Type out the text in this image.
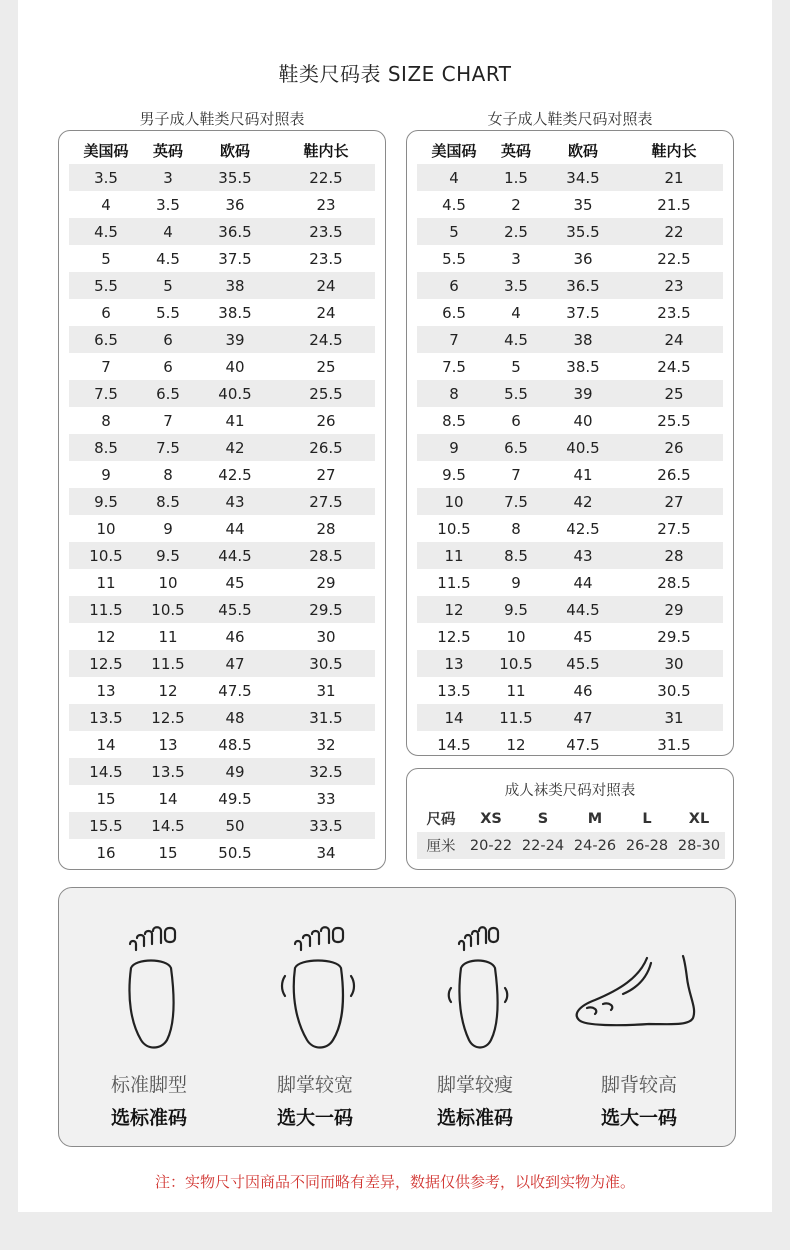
鞋类尺码表 SIZE CHART
男子成人鞋类尺码对照表
美国码	英码	欧码	鞋内长
3.5	3	35.5	22.5
4	3.5	36	23
4.5	4	36.5	23.5
5	4.5	37.5	23.5
5.5	5	38	24
6	5.5	38.5	24
6.5	6	39	24.5
7	6	40	25
7.5	6.5	40.5	25.5
8	7	41	26
8.5	7.5	42	26.5
9	8	42.5	27
9.5	8.5	43	27.5
10	9	44	28
10.5	9.5	44.5	28.5
11	10	45	29
11.5	10.5	45.5	29.5
12	11	46	30
12.5	11.5	47	30.5
13	12	47.5	31
13.5	12.5	48	31.5
14	13	48.5	32
14.5	13.5	49	32.5
15	14	49.5	33
15.5	14.5	50	33.5
16	15	50.5	34
女子成人鞋类尺码对照表
美国码	英码	欧码	鞋内长
4	1.5	34.5	21
4.5	2	35	21.5
5	2.5	35.5	22
5.5	3	36	22.5
6	3.5	36.5	23
6.5	4	37.5	23.5
7	4.5	38	24
7.5	5	38.5	24.5
8	5.5	39	25
8.5	6	40	25.5
9	6.5	40.5	26
9.5	7	41	26.5
10	7.5	42	27
10.5	8	42.5	27.5
11	8.5	43	28
11.5	9	44	28.5
12	9.5	44.5	29
12.5	10	45	29.5
13	10.5	45.5	30
13.5	11	46	30.5
14	11.5	47	31
14.5	12	47.5	31.5
成人袜类尺码对照表
尺码	XS	S	M	L	XL
厘米 20-22 22-24 24-26 26-28 28-30
标准脚型
选标准码
脚掌较宽
选大一码
脚掌较瘦
选标准码
脚背较高
选大一码
注：实物尺寸因商品不同而略有差异，数据仅供参考，以收到实物为准。
